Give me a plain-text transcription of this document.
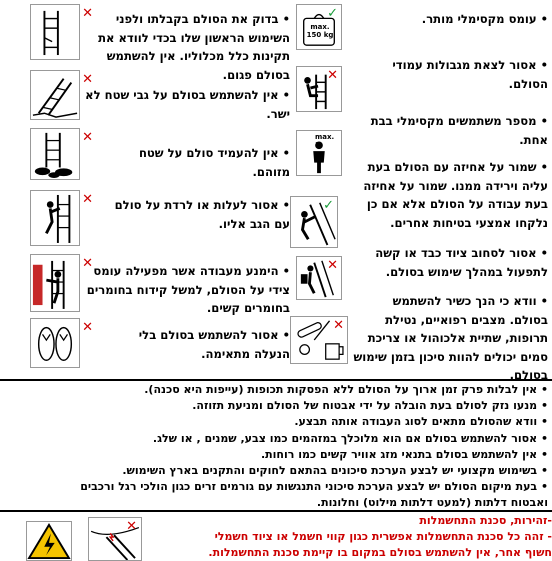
• עומס מקסימלי מותר.
✓
max. 150 kg
• אסור לצאת מגבולות עמודי הסולם.
✕
• מספר משתמשים מקסימלי בבת אחת.
max. 1
• שמור על אחיזה עם הסולם בעת עליה וירידה ממנו. שמור על אחיזה בעת עבודה על הסולם אלא אם כן נלקחו אמצעי בטיחות אחרים.
✓
• אסור לסחוב ציוד כבד או קשה לתפעול במהלך שימוש בסולם.
✕
• וודא כי הנך כשיר להשתמש בסולם. מצבים רפואיים, נטילת תרופות, שתיית אלכוהול או צריכת סמים יכולים להוות סיכון בזמן שימוש בסולם.
✕
• בדוק את הסולם בקבלתו ולפני השימוש הראשון שלו בכדי לוודא את תקינות כלל מכלוליו. אין להשתמש בסולם פגום.
✕
• אין להשתמש בסולם על גבי שטח לא ישר.
✕
• אין להעמיד סולם על שטח מזוהם.
✕
• אסור לעלות או לרדת על סולם עם הגב אליו.
✕
• הימנע מעבודה אשר מפעילה עומס צידי על הסולם, למשל קידוח בחומרים בחומרים קשים.
✕
• אסור להשתמש בסולם בלי הנעלה מתאימה.
✕
• אין לבלות פרק זמן ארוך על הסולם ללא הפסקות תכופות (עייפות היא סכנה).
• מנעו נזק לסולם בעת הובלה על ידי אבטוח של הסולם ומניעת תזוזה.
• וודא שהסולם מתאים לסוג העבודה אותה תבצע.
• אסור להשתמש בסולם אם הוא מלוכלך במזהמים כמו צבע, שמנים , או שלג.
• אין להשתמש בסולם בתנאי מזג אוויר קשים כמו רוחות.
• בשימוש מקצועי יש לבצע הערכת סיכונים בהתאם לחוקים והתקנים בארץ השימוש.
• בעת מיקום הסולם יש לבצע הערכת סיכוני התנגשות עם גורמים זרים כגון הולכי רגל ורכבים
ואבטוח דלתות (למעט דלתות מילוט) וחלונות.
-זהירות, סכנת התחשמלות
- זהה כל סכנת התחשמלות אפשרית כגון קווי חשמל או ציוד חשמלי
חשוף אחר, אין להשתמש בסולם במקום בו קיימת סכנת התחשמלות.
✕
